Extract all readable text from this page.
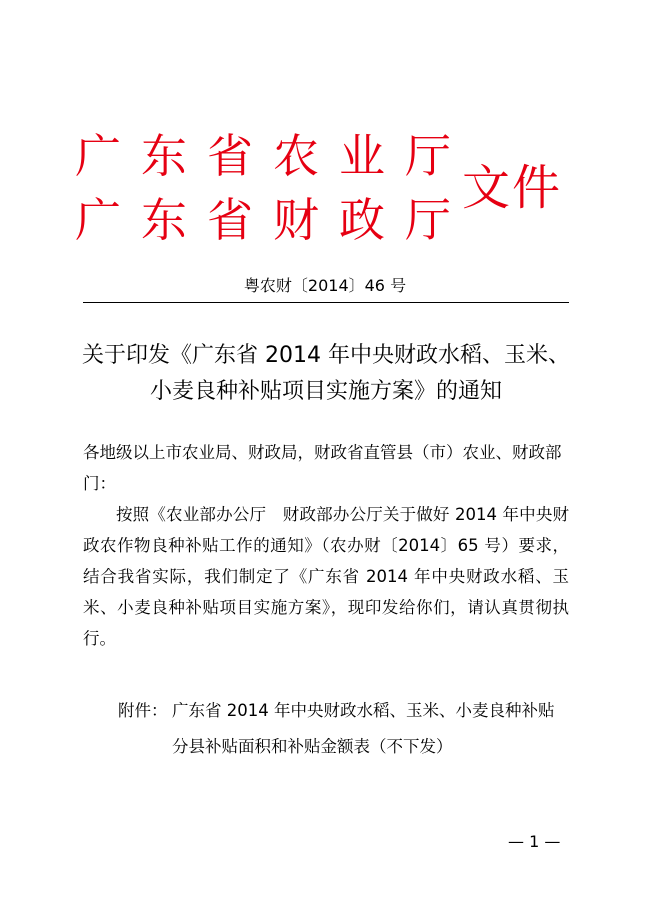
广东省农业厅
广东省财政厅
文件
粤农财〔2014〕46 号
关于印发《广东省 2014 年中央财政水稻、玉米、小麦良种补贴项目实施方案》的通知
各地级以上市农业局、财政局，财政省直管县（市）农业、财政部门：
按照《农业部办公厅　财政部办公厅关于做好 2014 年中央财政农作物良种补贴工作的通知》（农办财〔2014〕65 号）要求，结合我省实际，我们制定了《广东省 2014 年中央财政水稻、玉米、小麦良种补贴项目实施方案》，现印发给你们，请认真贯彻执行。
附件： 广东省 2014 年中央财政水稻、玉米、小麦良种补贴
分县补贴面积和补贴金额表（不下发）
— 1 —
